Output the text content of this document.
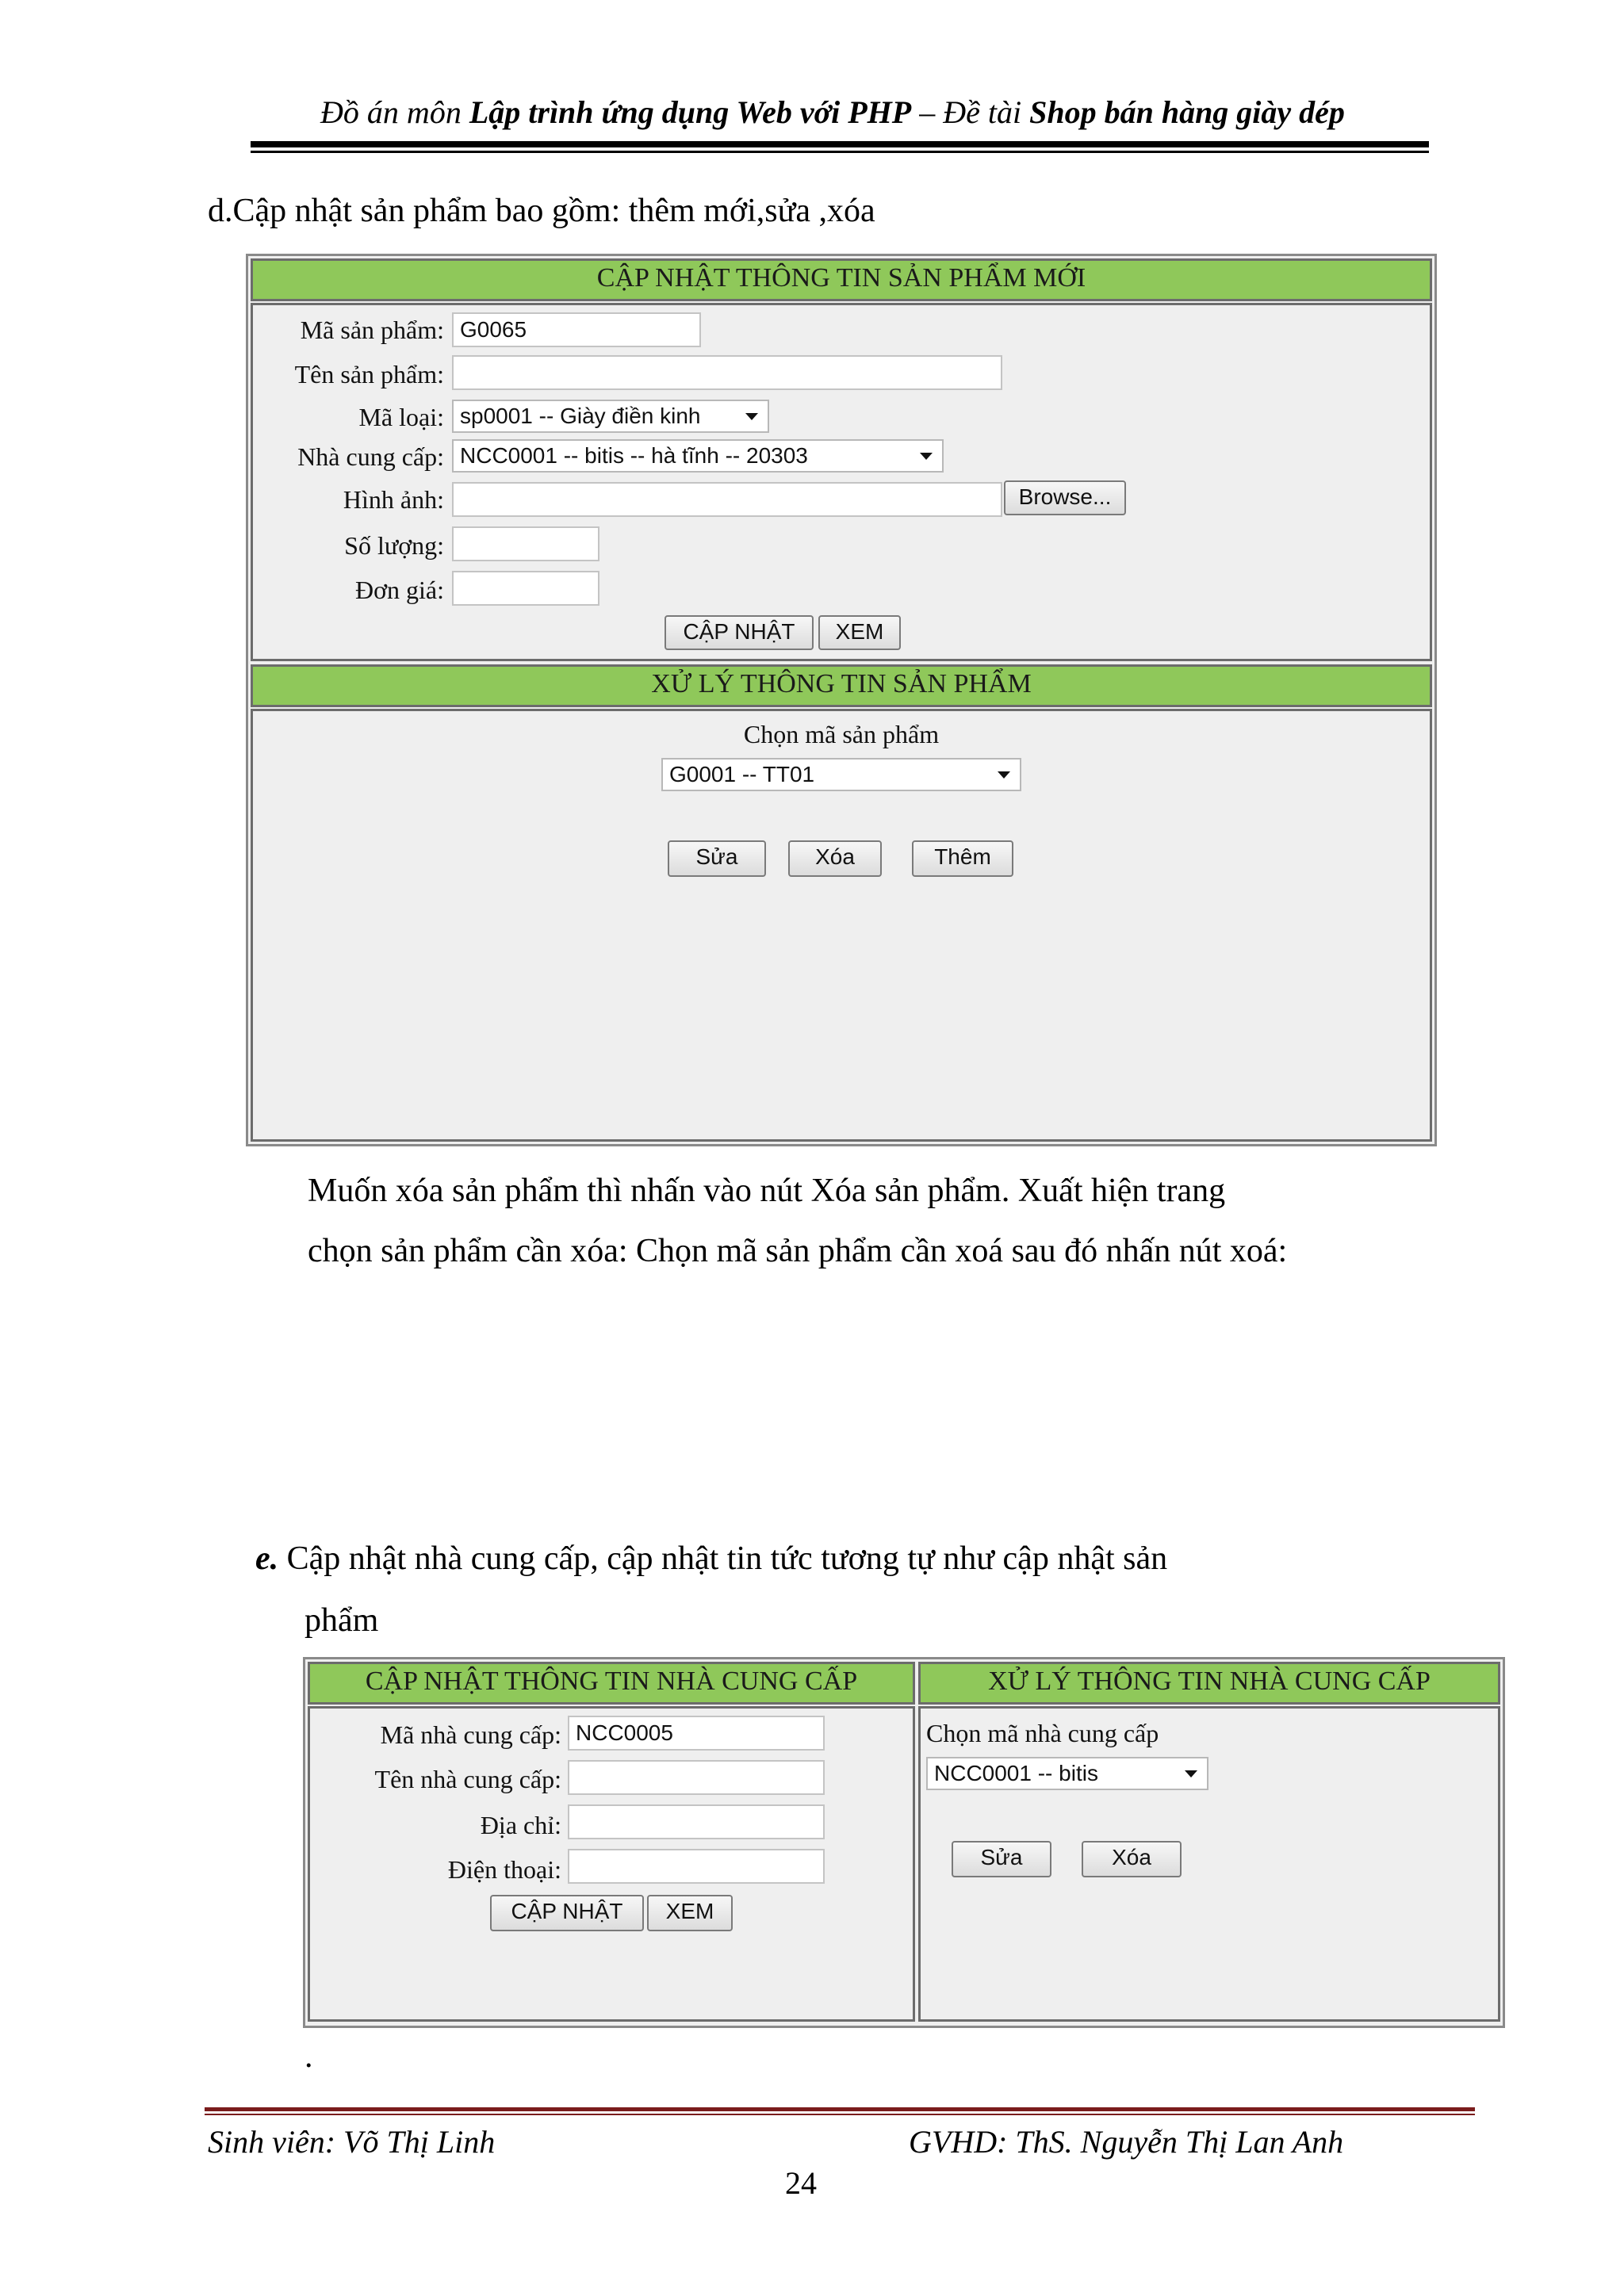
Đồ án môn Lập trình ứng dụng Web với PHP – Đề tài Shop bán hàng giày dép
d.Cập nhật sản phẩm bao gồm: thêm mới,sửa ,xóa
CẬP NHẬT THÔNG TIN SẢN PHẨM MỚI
Mã sản phẩm: G0065
Tên sản phẩm:
Mã loại: sp0001 -- Giày điền kinh
Nhà cung cấp: NCC0001 -- bitis -- hà tĩnh -- 20303
Hình ảnh:	Browse...
Số lượng:
Đơn giá:
CẬP NHẬT	XEM
XỬ LÝ THÔNG TIN SẢN PHẨM
Chọn mã sản phẩm
G0001 -- TT01
Sửa	Xóa	Thêm
Muốn xóa sản phẩm thì nhấn vào nút Xóa sản phẩm. Xuất hiện trang
chọn sản phẩm cần xóa: Chọn mã sản phẩm cần xoá sau đó nhấn nút xoá:
e. Cập nhật nhà cung cấp, cập nhật tin tức tương tự như cập nhật sản
phẩm
CẬP NHẬT THÔNG TIN NHÀ CUNG CẤP	XỬ LÝ THÔNG TIN NHÀ CUNG CẤP
Mã nhà cung cấp: NCC0005
Tên nhà cung cấp:
Địa chỉ:
Điện thoại:
CẬP NHẬT	XEM
Chọn mã nhà cung cấp
NCC0001 -- bitis
Sửa	Xóa
.
Sinh viên: Võ Thị Linh	GVHD: ThS. Nguyễn Thị Lan Anh
24
